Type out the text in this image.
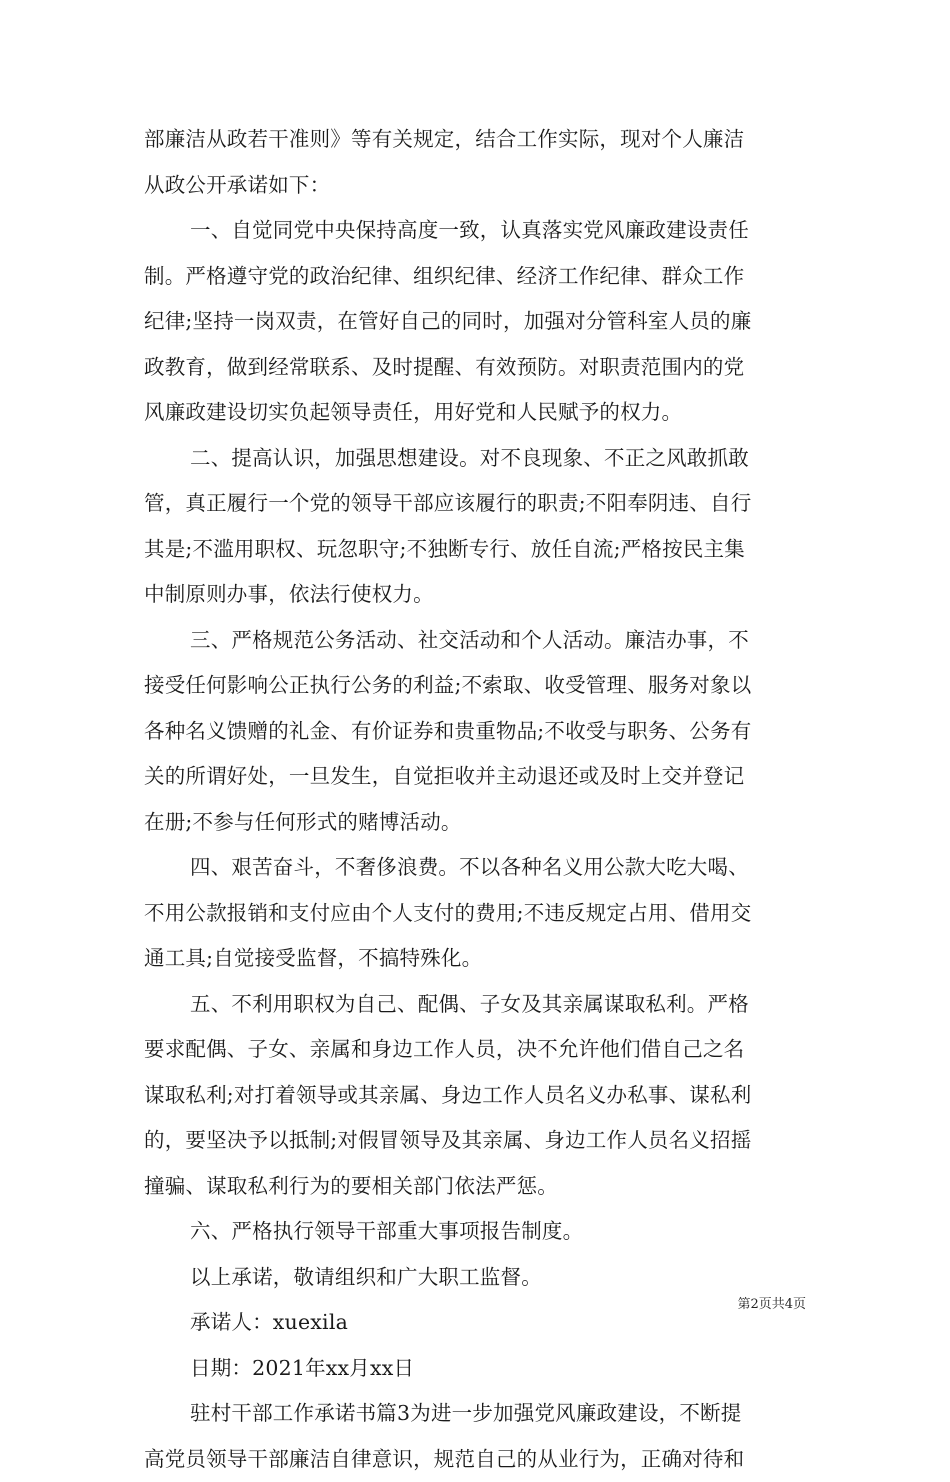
部廉洁从政若干准则》等有关规定，结合工作实际，现对个人廉洁
从政公开承诺如下：
一、自觉同党中央保持高度一致，认真落实党风廉政建设责任
制。严格遵守党的政治纪律、组织纪律、经济工作纪律、群众工作
纪律;坚持一岗双责，在管好自己的同时，加强对分管科室人员的廉
政教育，做到经常联系、及时提醒、有效预防。对职责范围内的党
风廉政建设切实负起领导责任，用好党和人民赋予的权力。
二、提高认识，加强思想建设。对不良现象、不正之风敢抓敢
管，真正履行一个党的领导干部应该履行的职责;不阳奉阴违、自行
其是;不滥用职权、玩忽职守;不独断专行、放任自流;严格按民主集
中制原则办事，依法行使权力。
三、严格规范公务活动、社交活动和个人活动。廉洁办事，不
接受任何影响公正执行公务的利益;不索取、收受管理、服务对象以
各种名义馈赠的礼金、有价证券和贵重物品;不收受与职务、公务有
关的所谓好处，一旦发生，自觉拒收并主动退还或及时上交并登记
在册;不参与任何形式的赌博活动。
四、艰苦奋斗，不奢侈浪费。不以各种名义用公款大吃大喝、
不用公款报销和支付应由个人支付的费用;不违反规定占用、借用交
通工具;自觉接受监督，不搞特殊化。
五、不利用职权为自己、配偶、子女及其亲属谋取私利。严格
要求配偶、子女、亲属和身边工作人员，决不允许他们借自己之名
谋取私利;对打着领导或其亲属、身边工作人员名义办私事、谋私利
的，要坚决予以抵制;对假冒领导及其亲属、身边工作人员名义招摇
撞骗、谋取私利行为的要相关部门依法严惩。
六、严格执行领导干部重大事项报告制度。
以上承诺，敬请组织和广大职工监督。
承诺人：xuexila
日期：2021年xx月xx日
驻村干部工作承诺书篇3为进一步加强党风廉政建设，不断提
高党员领导干部廉洁自律意识，规范自己的从业行为，正确对待和
第2页共4页
